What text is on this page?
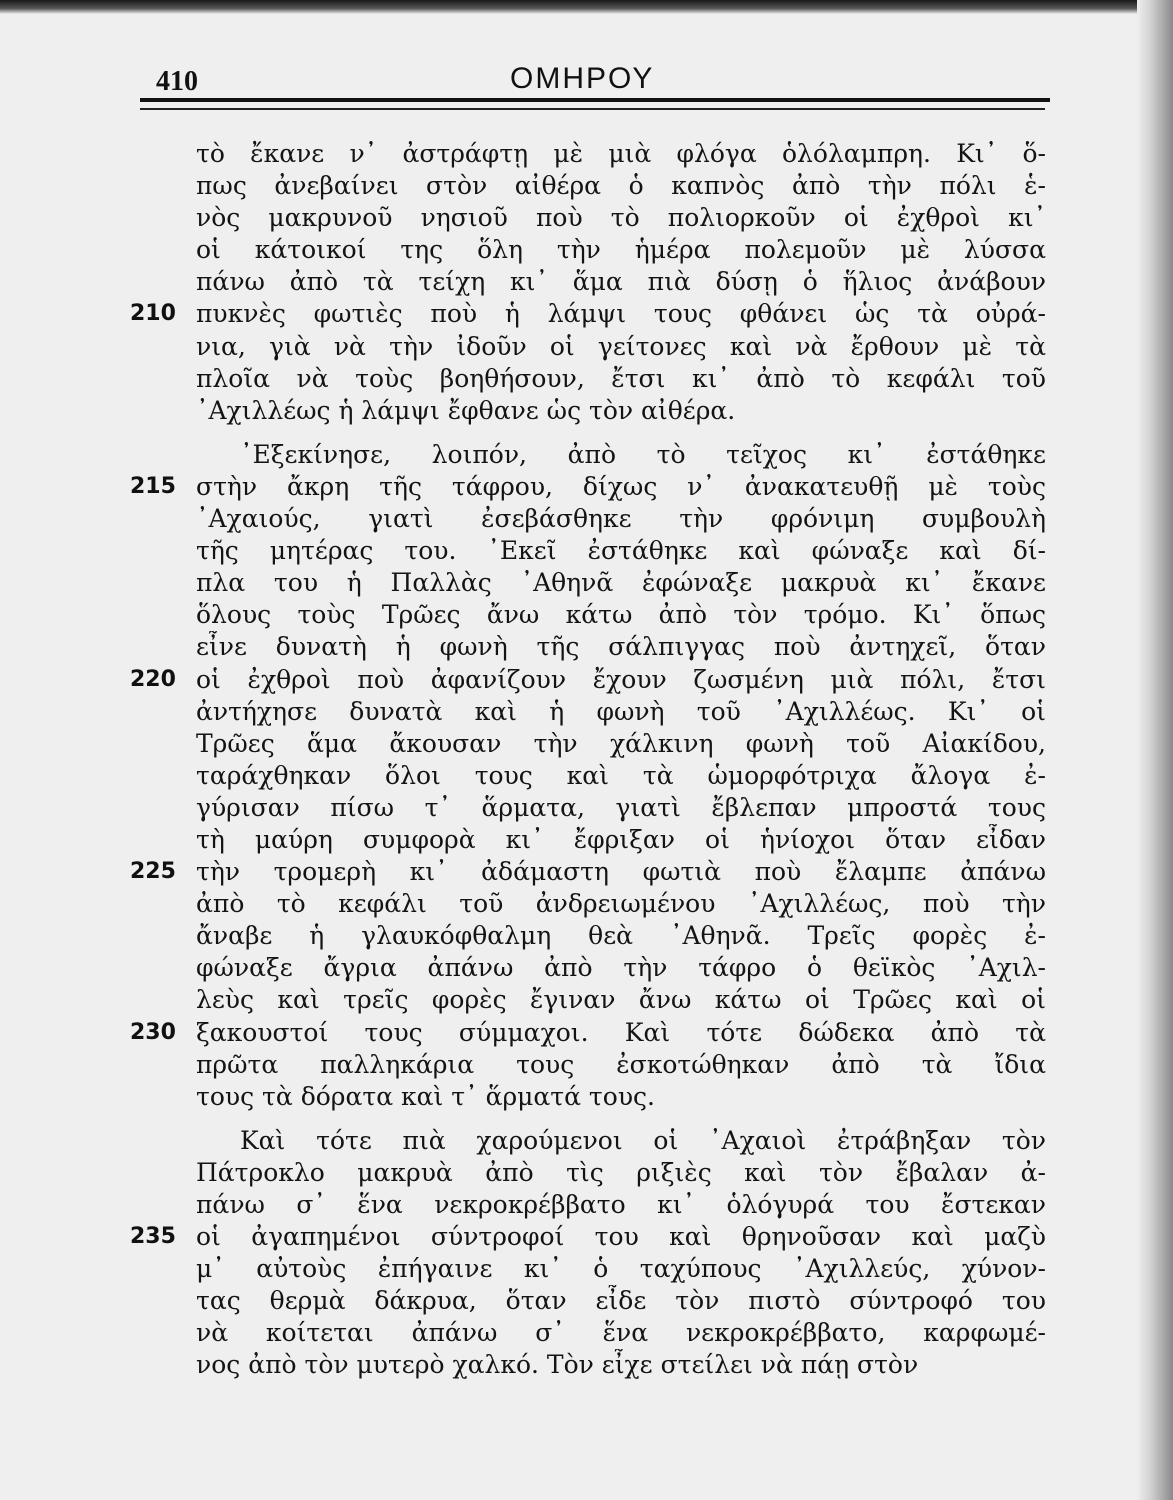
410	ΟΜΗΡΟΥ
τὸ ἔκανε ν᾽ ἀστράφτῃ μὲ μιὰ φλόγα ὁλόλαμπρη. Κι᾽ ὅ-
πως ἀνεβαίνει στὸν αἰθέρα ὁ καπνὸς ἀπὸ τὴν πόλι ἑ-
νὸς μακρυνοῦ νησιοῦ ποὺ τὸ πολιορκοῦν οἱ ἐχθροὶ κι᾽
οἱ κάτοικοί της ὅλη τὴν ἡμέρα πολεμοῦν μὲ λύσσα
πάνω ἀπὸ τὰ τείχη κι᾽ ἅμα πιὰ δύσῃ ὁ ἥλιος ἀνάβουν
210 πυκνὲς φωτιὲς ποὺ ἡ λάμψι τους φθάνει ὡς τὰ οὐρά-
νια, γιὰ νὰ τὴν ἰδοῦν οἱ γείτονες καὶ νὰ ἔρθουν μὲ τὰ
πλοῖα νὰ τοὺς βοηθήσουν, ἔτσι κι᾽ ἀπὸ τὸ κεφάλι τοῦ
᾽Αχιλλέως ἡ λάμψι ἔφθανε ὡς τὸν αἰθέρα.
᾽Εξεκίνησε, λοιπόν, ἀπὸ τὸ τεῖχος κι᾽ ἐστάθηκε
215 στὴν ἄκρη τῆς τάφρου, δίχως ν᾽ ἀνακατευθῇ μὲ τοὺς
᾽Αχαιούς, γιατὶ ἐσεβάσθηκε τὴν φρόνιμη συμβουλὴ
τῆς μητέρας του. ᾽Εκεῖ ἐστάθηκε καὶ φώναξε καὶ δί-
πλα του ἡ Παλλὰς ᾽Αθηνᾶ ἐφώναξε μακρυὰ κι᾽ ἔκανε
ὅλους τοὺς Τρῶες ἄνω κάτω ἀπὸ τὸν τρόμο. Κι᾽ ὅπως
εἶνε δυνατὴ ἡ φωνὴ τῆς σάλπιγγας ποὺ ἀντηχεῖ, ὅταν
220 οἱ ἐχθροὶ ποὺ ἀφανίζουν ἔχουν ζωσμένη μιὰ πόλι, ἔτσι
ἀντήχησε δυνατὰ καὶ ἡ φωνὴ τοῦ ᾽Αχιλλέως. Κι᾽ οἱ
Τρῶες ἅμα ἄκουσαν τὴν χάλκινη φωνὴ τοῦ Αἰακίδου,
ταράχθηκαν ὅλοι τους καὶ τὰ ὡμορφότριχα ἄλογα ἐ-
γύρισαν πίσω τ᾽ ἅρματα, γιατὶ ἔβλεπαν μπροστά τους
τὴ μαύρη συμφορὰ κι᾽ ἔφριξαν οἱ ἡνίοχοι ὅταν εἶδαν
225 τὴν τρομερὴ κι᾽ ἀδάμαστη φωτιὰ ποὺ ἔλαμπε ἀπάνω
ἀπὸ τὸ κεφάλι τοῦ ἀνδρειωμένου ᾽Αχιλλέως, ποὺ τὴν
ἄναβε ἡ γλαυκόφθαλμη θεὰ ᾽Αθηνᾶ. Τρεῖς φορὲς ἐ-
φώναξε ἄγρια ἀπάνω ἀπὸ τὴν τάφρο ὁ θεϊκὸς ᾽Αχιλ-
λεὺς καὶ τρεῖς φορὲς ἔγιναν ἄνω κάτω οἱ Τρῶες καὶ οἱ
230 ξακουστοί τους σύμμαχοι. Καὶ τότε δώδεκα ἀπὸ τὰ
πρῶτα παλληκάρια τους ἐσκοτώθηκαν ἀπὸ τὰ ἴδια
τους τὰ δόρατα καὶ τ᾽ ἅρματά τους.
Καὶ τότε πιὰ χαρούμενοι οἱ ᾽Αχαιοὶ ἐτράβηξαν τὸν
Πάτροκλο μακρυὰ ἀπὸ τὶς ριξιὲς καὶ τὸν ἔβαλαν ἀ-
πάνω σ᾽ ἕνα νεκροκρέββατο κι᾽ ὁλόγυρά του ἔστεκαν
235 οἱ ἀγαπημένοι σύντροφοί του καὶ θρηνοῦσαν καὶ μαζὺ
μ᾽ αὐτοὺς ἐπήγαινε κι᾽ ὁ ταχύπους ᾽Αχιλλεύς, χύνον-
τας θερμὰ δάκρυα, ὅταν εἶδε τὸν πιστὸ σύντροφό του
νὰ κοίτεται ἀπάνω σ᾽ ἕνα νεκροκρέββατο, καρφωμέ-
νος ἀπὸ τὸν μυτερὸ χαλκό. Τὸν εἶχε στείλει νὰ πάῃ στὸν
